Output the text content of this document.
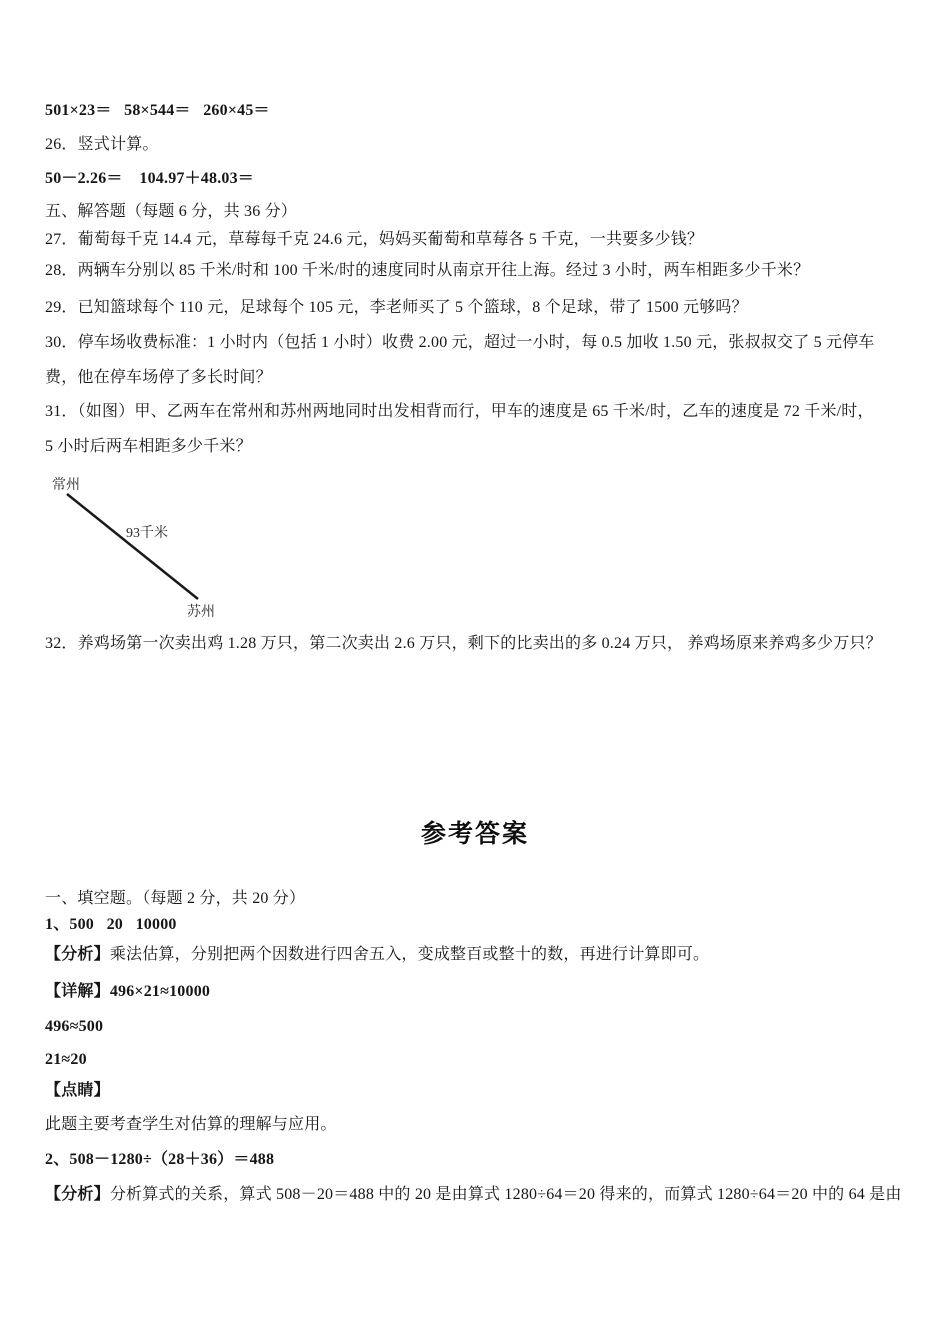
501×23＝   58×544＝   260×45＝

26．竖式计算。

50－2.26＝    104.97＋48.03＝

五、解答题（每题 6 分，共 36 分）

27．葡萄每千克 14.4 元，草莓每千克 24.6 元，妈妈买葡萄和草莓各 5 千克，一共要多少钱？

28．两辆车分别以 85 千米/时和 100 千米/时的速度同时从南京开往上海。经过 3 小时，两车相距多少千米？

29．已知篮球每个 110 元，足球每个 105 元，李老师买了 5 个篮球，8 个足球，带了 1500 元够吗？

30．停车场收费标准：1 小时内（包括 1 小时）收费 2.00 元，超过一小时，每 0.5 加收 1.50 元，张叔叔交了 5 元停车

费，他在停车场停了多长时间？

31．（如图）甲、乙两车在常州和苏州两地同时出发相背而行，甲车的速度是 65 千米/时，乙车的速度是 72 千米/时，

5 小时后两车相距多少千米？

常州
93千米
苏州

32．养鸡场第一次卖出鸡 1.28 万只，第二次卖出 2.6 万只，剩下的比卖出的多 0.24 万只， 养鸡场原来养鸡多少万只？

参考答案

一、填空题。（每题 2 分，共 20 分）

1、500   20   10000

【分析】乘法估算，分别把两个因数进行四舍五入，变成整百或整十的数，再进行计算即可。

【详解】496×21≈10000

496≈500

21≈20

【点睛】

此题主要考查学生对估算的理解与应用。

2、508－1280÷（28＋36）＝488

【分析】分析算式的关系，算式 508－20＝488 中的 20 是由算式 1280÷64＝20 得来的，而算式 1280÷64＝20 中的 64 是由
